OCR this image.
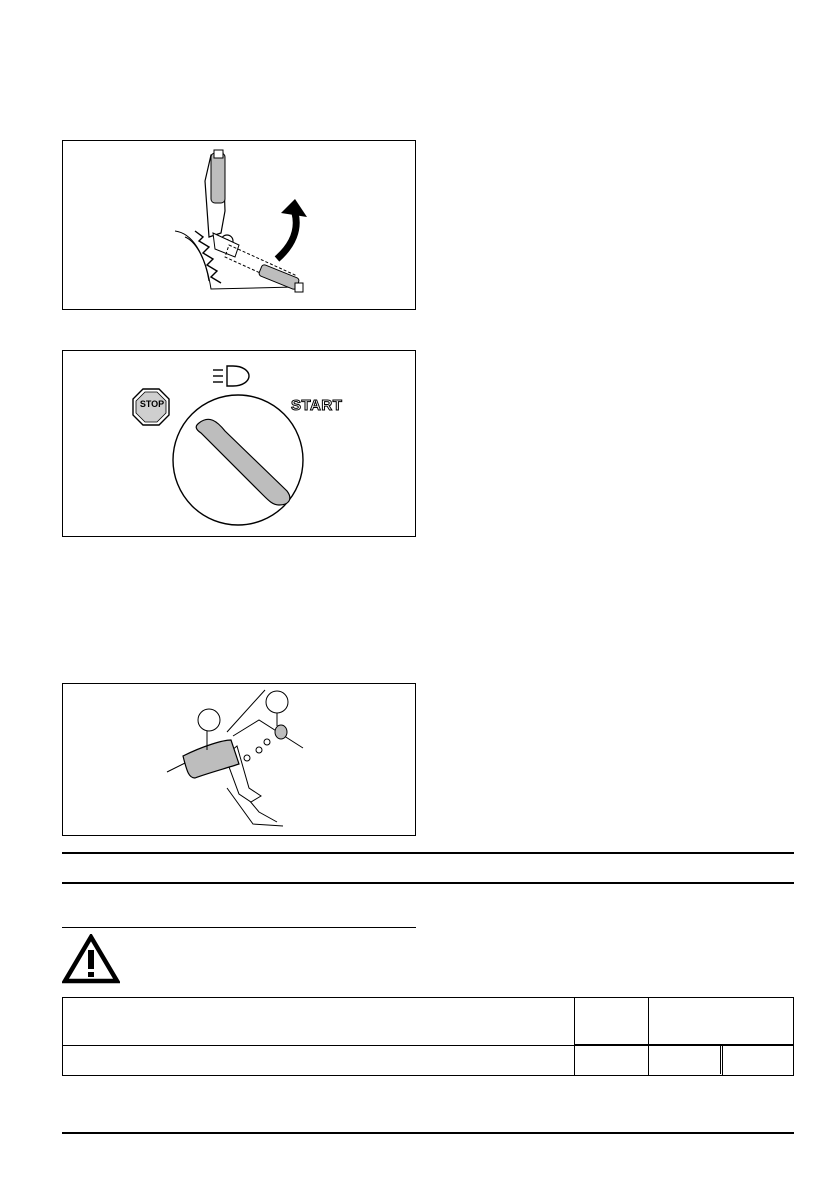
STOP	START
